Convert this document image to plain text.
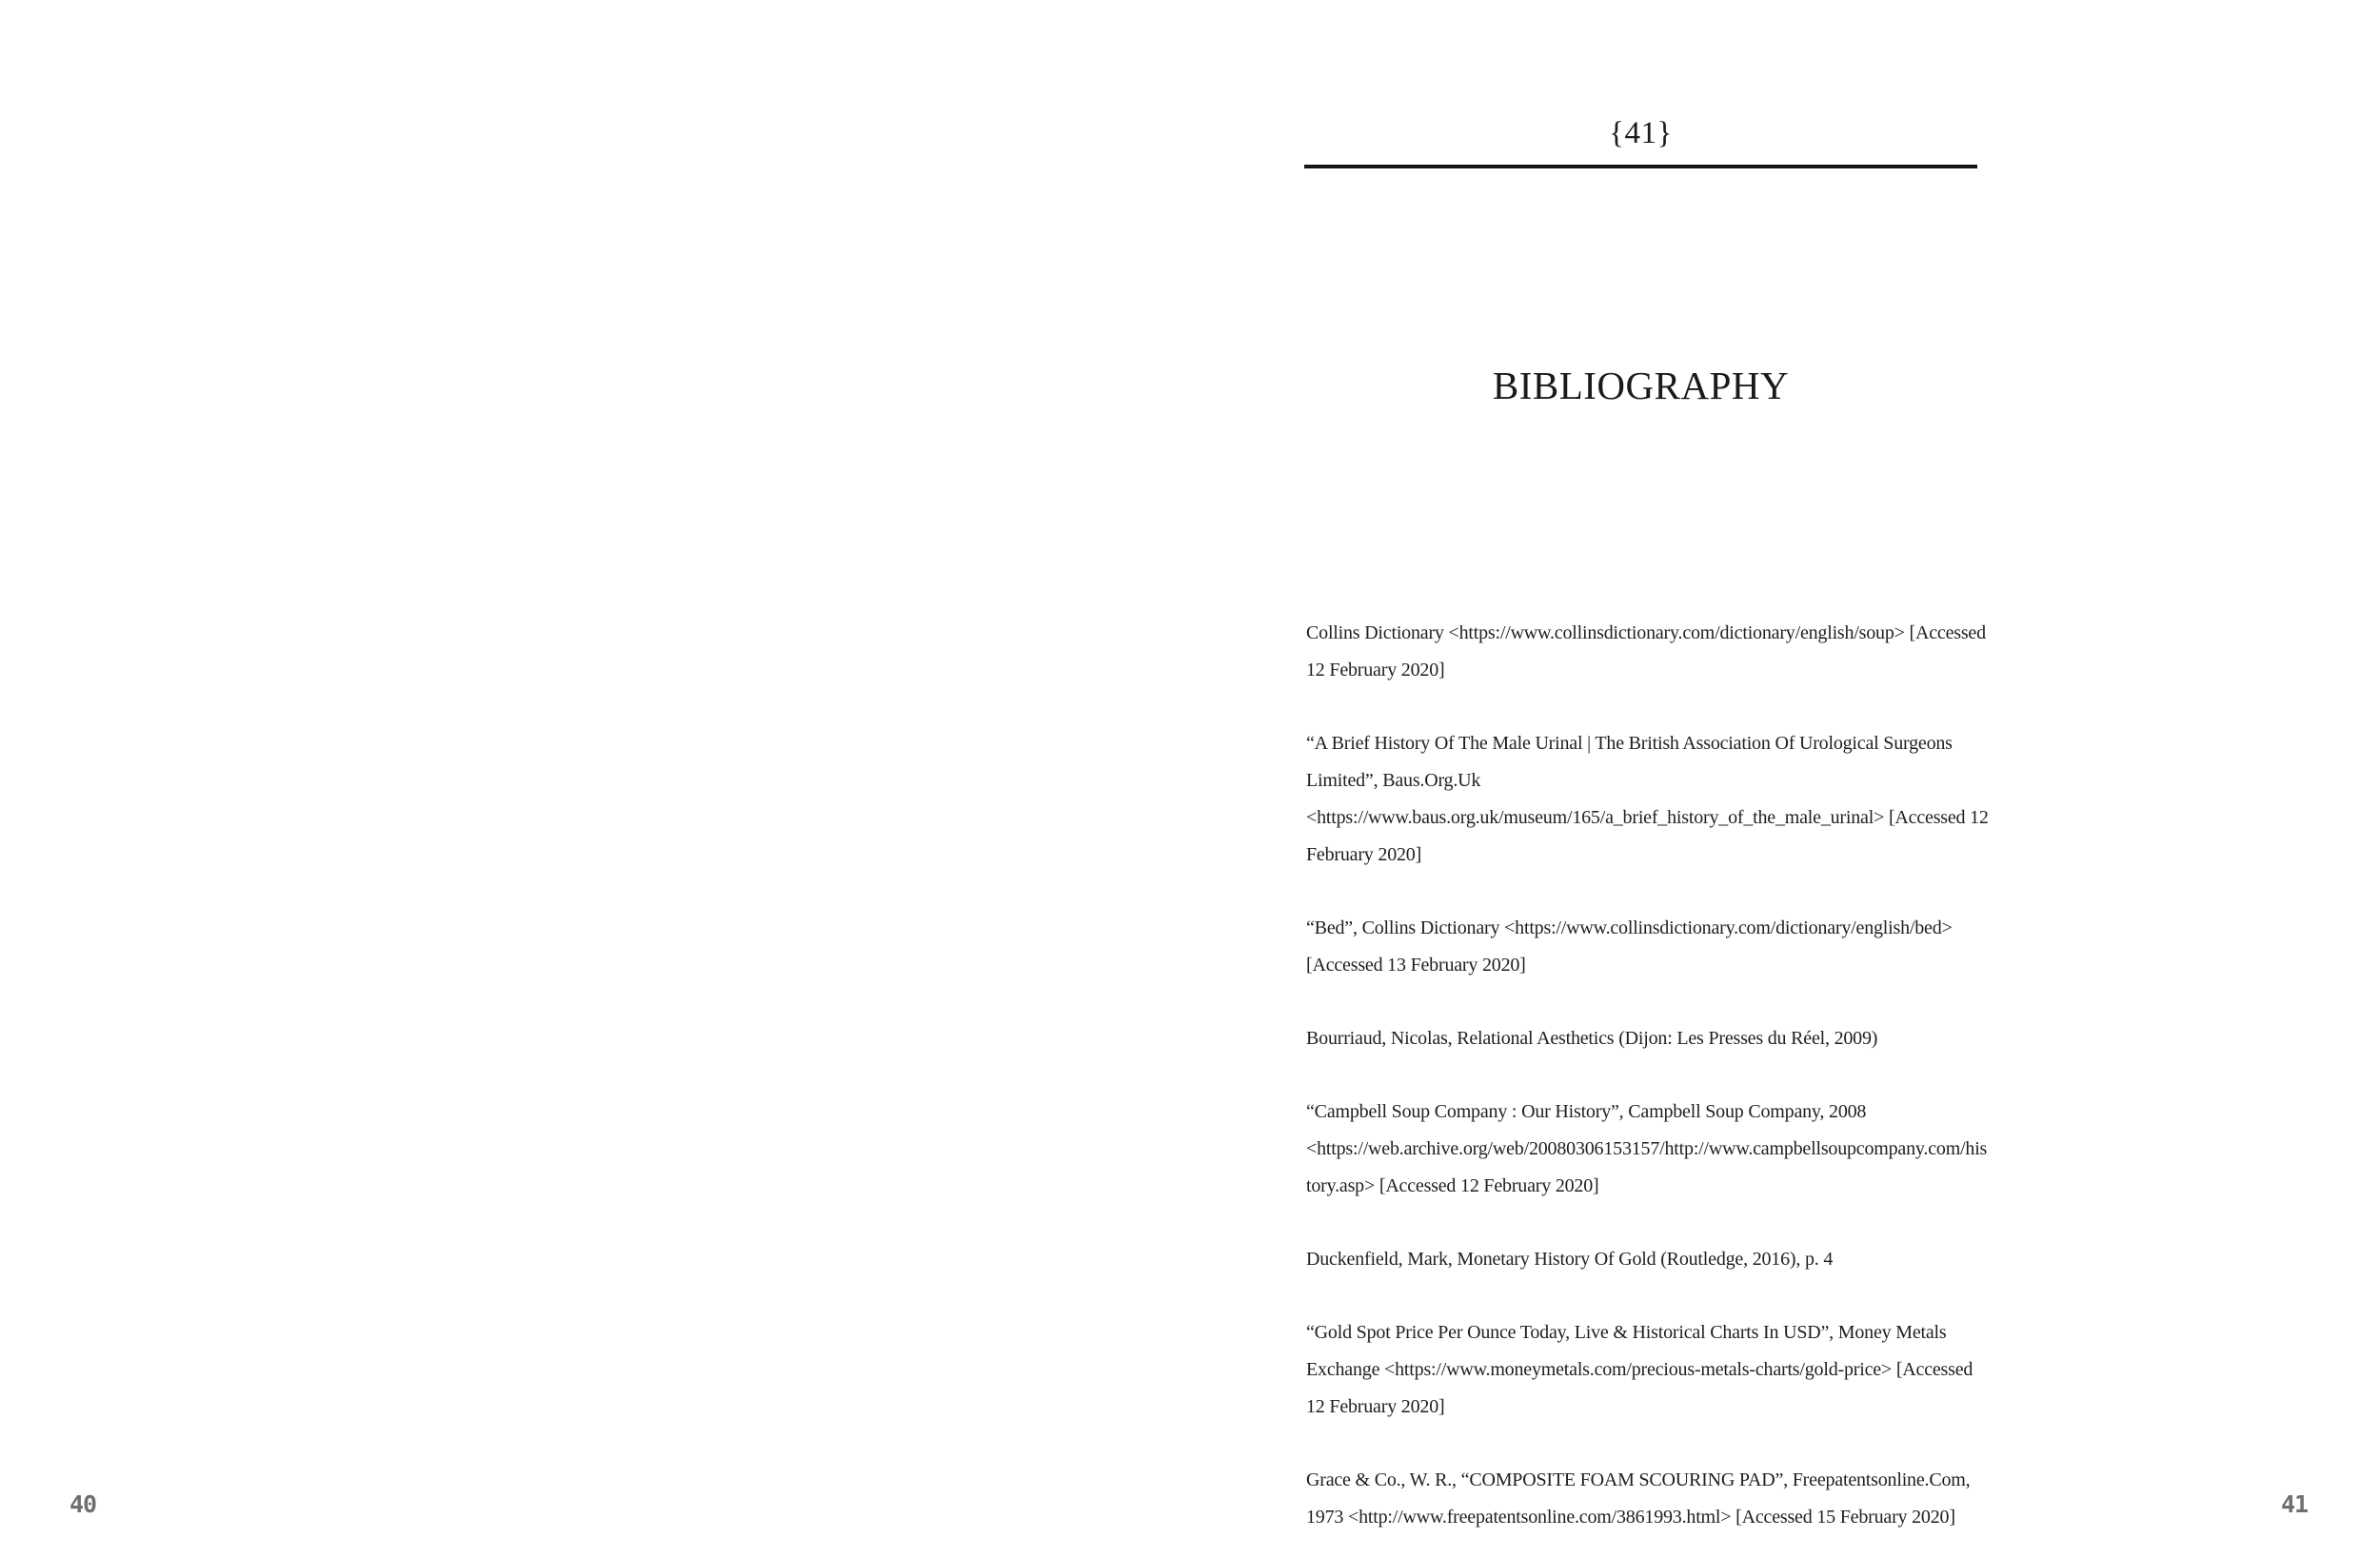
{41}
BIBLIOGRAPHY

Collins Dictionary <https://www.collinsdictionary.com/dictionary/english/soup> [Accessed 12 February 2020]

“A Brief History Of The Male Urinal | The British Association Of Urological Surgeons Limited”, Baus.Org.Uk <https://www.baus.org.uk/museum/165/a_brief_history_of_the_male_urinal> [Accessed 12 February 2020]

“Bed”, Collins Dictionary <https://www.collinsdictionary.com/dictionary/english/bed> [Accessed 13 February 2020]

Bourriaud, Nicolas, Relational Aesthetics (Dijon: Les Presses du Réel, 2009)

“Campbell Soup Company : Our History”, Campbell Soup Company, 2008 <https://web.archive.org/web/20080306153157/http://www.campbellsoupcompany.com/history.asp> [Accessed 12 February 2020]

Duckenfield, Mark, Monetary History Of Gold (Routledge, 2016), p. 4

“Gold Spot Price Per Ounce Today, Live & Historical Charts In USD”, Money Metals Exchange <https://www.moneymetals.com/precious-metals-charts/gold-price> [Accessed 12 February 2020]

Grace & Co., W. R., “COMPOSITE FOAM SCOURING PAD”, Freepatentsonline.Com, 1973 <http://www.freepatentsonline.com/3861993.html> [Accessed 15 February 2020]

40	41
